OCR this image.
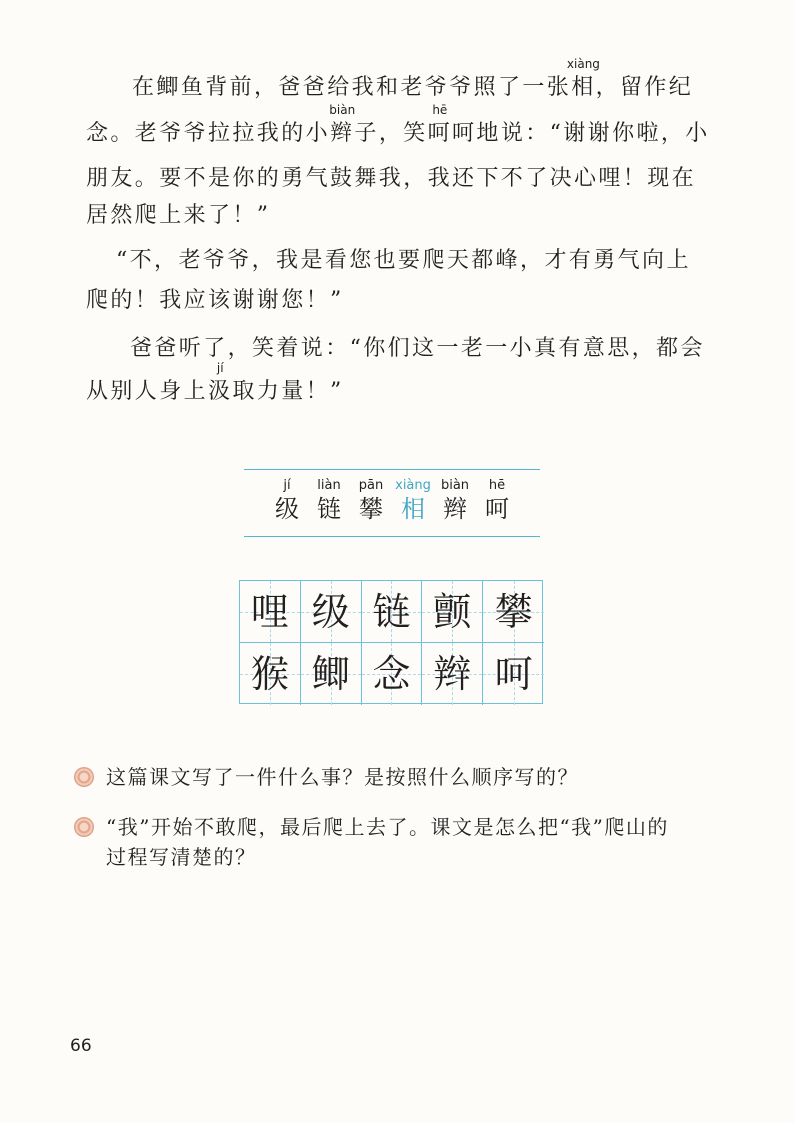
在鲫鱼背前，爸爸给我和老爷爷照了一张
xiàng
相，留作纪
念。老爷爷拉拉我的小
biàn
辫子，笑
hē
呵呵地说：“谢谢你啦，小
朋友。要不是你的勇气鼓舞我，我还下不了决心哩！现在
居然爬上来了！”
“不，老爷爷，我是看您也要爬天都峰，才有勇气向上
爬的！我应该谢谢您！”
爸爸听了，笑着说：“你们这一老一小真有意思，都会
从别人身上
jí
汲取力量！”
jí
级
liàn
链
pān
攀
xiàng
相
biàn
辫
hē
呵
哩 级 链 颤 攀
猴 鲫 念 辫 呵
这篇课文写了一件什么事？是按照什么顺序写的？
“我”开始不敢爬，最后爬上去了。课文是怎么把“我”爬山的
过程写清楚的？
66
